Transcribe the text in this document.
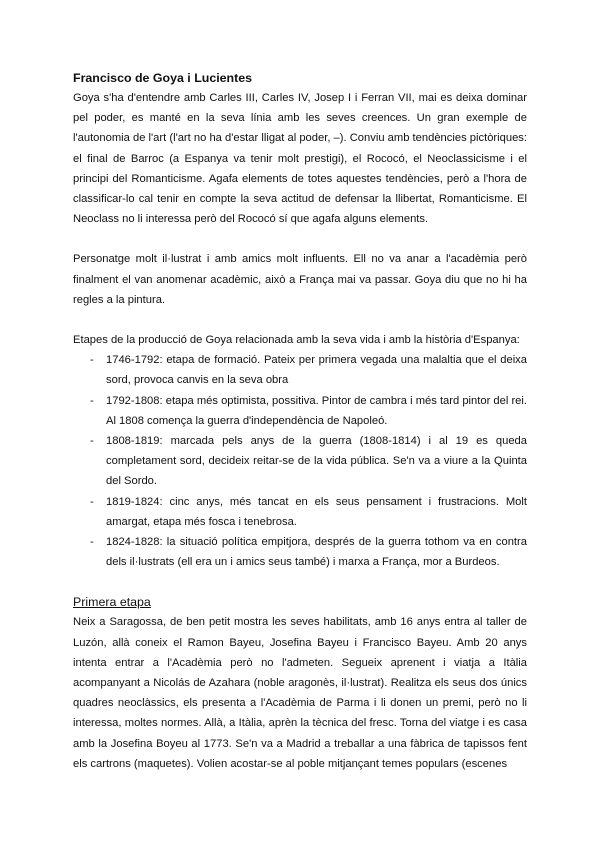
Francisco de Goya i Lucientes

Goya s'ha d'entendre amb Carles III, Carles IV, Josep I i Ferran VII, mai es deixa dominar pel poder, es manté en la seva línia amb les seves creences. Un gran exemple de l'autonomia de l'art (l'art no ha d'estar lligat al poder, –). Conviu amb tendències pictòriques: el final de Barroc (a Espanya va tenir molt prestigi), el Rococó, el Neoclassicisme i el principi del Romanticisme. Agafa elements de totes aquestes tendències, però a l'hora de classificar-lo cal tenir en compte la seva actitud de defensar la llibertat, Romanticisme. El Neoclass no li interessa però del Rococó sí que agafa alguns elements.

Personatge molt il·lustrat i amb amics molt influents. Ell no va anar a l'acadèmia però finalment el van anomenar acadèmic, això a França mai va passar. Goya diu que no hi ha regles a la pintura.

Etapes de la producció de Goya relacionada amb la seva vida i amb la història d'Espanya:

- 1746-1792: etapa de formació. Pateix per primera vegada una malaltia que el deixa sord, provoca canvis en la seva obra
- 1792-1808: etapa més optimista, possitiva. Pintor de cambra i més tard pintor del rei. Al 1808 comença la guerra d'independència de Napoleó.
- 1808-1819: marcada pels anys de la guerra (1808-1814) i al 19 es queda completament sord, decideix reitar-se de la vida pública. Se'n va a viure a la Quinta del Sordo.
- 1819-1824: cinc anys, més tancat en els seus pensament i frustracions. Molt amargat, etapa més fosca i tenebrosa.
- 1824-1828: la situació política empitjora, després de la guerra tothom va en contra dels il·lustrats (ell era un i amics seus també) i marxa a França, mor a Burdeos.
Primera etapa

Neix a Saragossa, de ben petit mostra les seves habilitats, amb 16 anys entra al taller de Luzón, allà coneix el Ramon Bayeu, Josefina Bayeu i Francisco Bayeu. Amb 20 anys intenta entrar a l'Acadèmia però no l'admeten. Segueix aprenent i viatja a Itàlia acompanyant a Nicolás de Azahara (noble aragonès, il·lustrat). Realitza els seus dos únics quadres neoclàssics, els presenta a l'Acadèmia de Parma i li donen un premi, però no li interessa, moltes normes. Allà, a Itàlia, aprèn la tècnica del fresc. Torna del viatge i es casa amb la Josefina Boyeu al 1773. Se'n va a Madrid a treballar a una fàbrica de tapissos fent els cartrons (maquetes). Volien acostar-se al poble mitjançant temes populars (escenes
